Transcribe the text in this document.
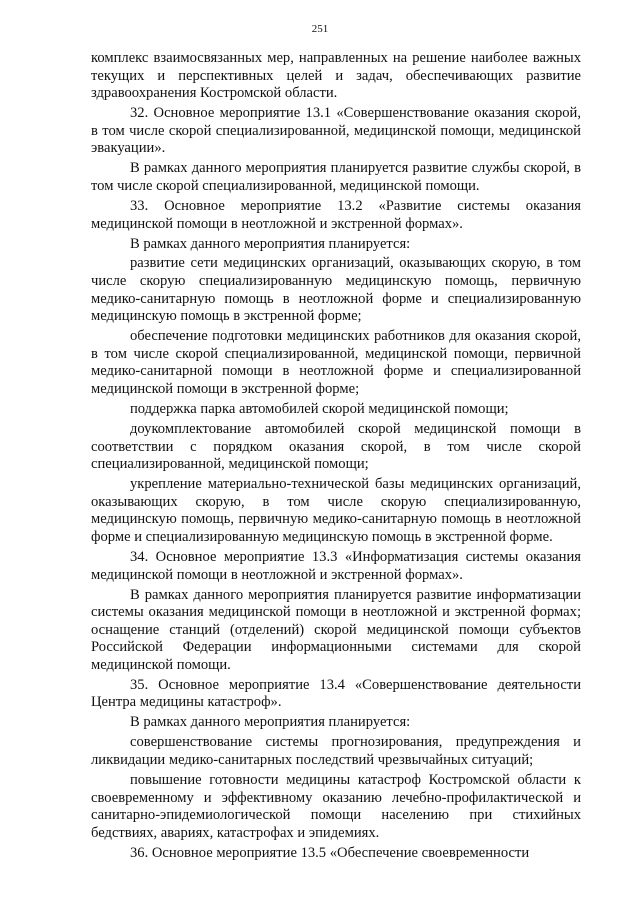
251

комплекс взаимосвязанных мер, направленных на решение наиболее важных текущих и перспективных целей и задач, обеспечивающих развитие здравоохранения Костромской области.

32. Основное мероприятие 13.1 «Совершенствование оказания скорой, в том числе скорой специализированной, медицинской помощи, медицинской эвакуации».

В рамках данного мероприятия планируется развитие службы скорой, в том числе скорой специализированной, медицинской помощи.

33. Основное мероприятие 13.2 «Развитие системы оказания медицинской помощи в неотложной и экстренной формах».

В рамках данного мероприятия планируется:

развитие сети медицинских организаций, оказывающих скорую, в том числе скорую специализированную медицинскую помощь, первичную медико-санитарную помощь в неотложной форме и специализированную медицинскую помощь в экстренной форме;

обеспечение подготовки медицинских работников для оказания скорой, в том числе скорой специализированной, медицинской помощи, первичной медико-санитарной помощи в неотложной форме и специализированной медицинской помощи в экстренной форме;

поддержка парка автомобилей скорой медицинской помощи;

доукомплектование автомобилей скорой медицинской помощи в соответствии с порядком оказания скорой, в том числе скорой специализированной, медицинской помощи;

укрепление материально-технической базы медицинских организаций, оказывающих скорую, в том числе скорую специализированную, медицинскую помощь, первичную медико-санитарную помощь в неотложной форме и специализированную медицинскую помощь в экстренной форме.

34. Основное мероприятие 13.3 «Информатизация системы оказания медицинской помощи в неотложной и экстренной формах».

В рамках данного мероприятия планируется развитие информатизации системы оказания медицинской помощи в неотложной и экстренной формах; оснащение станций (отделений) скорой медицинской помощи субъектов Российской Федерации информационными системами для скорой медицинской помощи.

35. Основное мероприятие 13.4 «Совершенствование деятельности Центра медицины катастроф».

В рамках данного мероприятия планируется:

совершенствование системы прогнозирования, предупреждения и ликвидации медико-санитарных последствий чрезвычайных ситуаций;

повышение готовности медицины катастроф Костромской области к своевременному и эффективному оказанию лечебно-профилактической и санитарно-эпидемиологической помощи населению при стихийных бедствиях, авариях, катастрофах и эпидемиях.

36. Основное мероприятие 13.5 «Обеспечение своевременности
